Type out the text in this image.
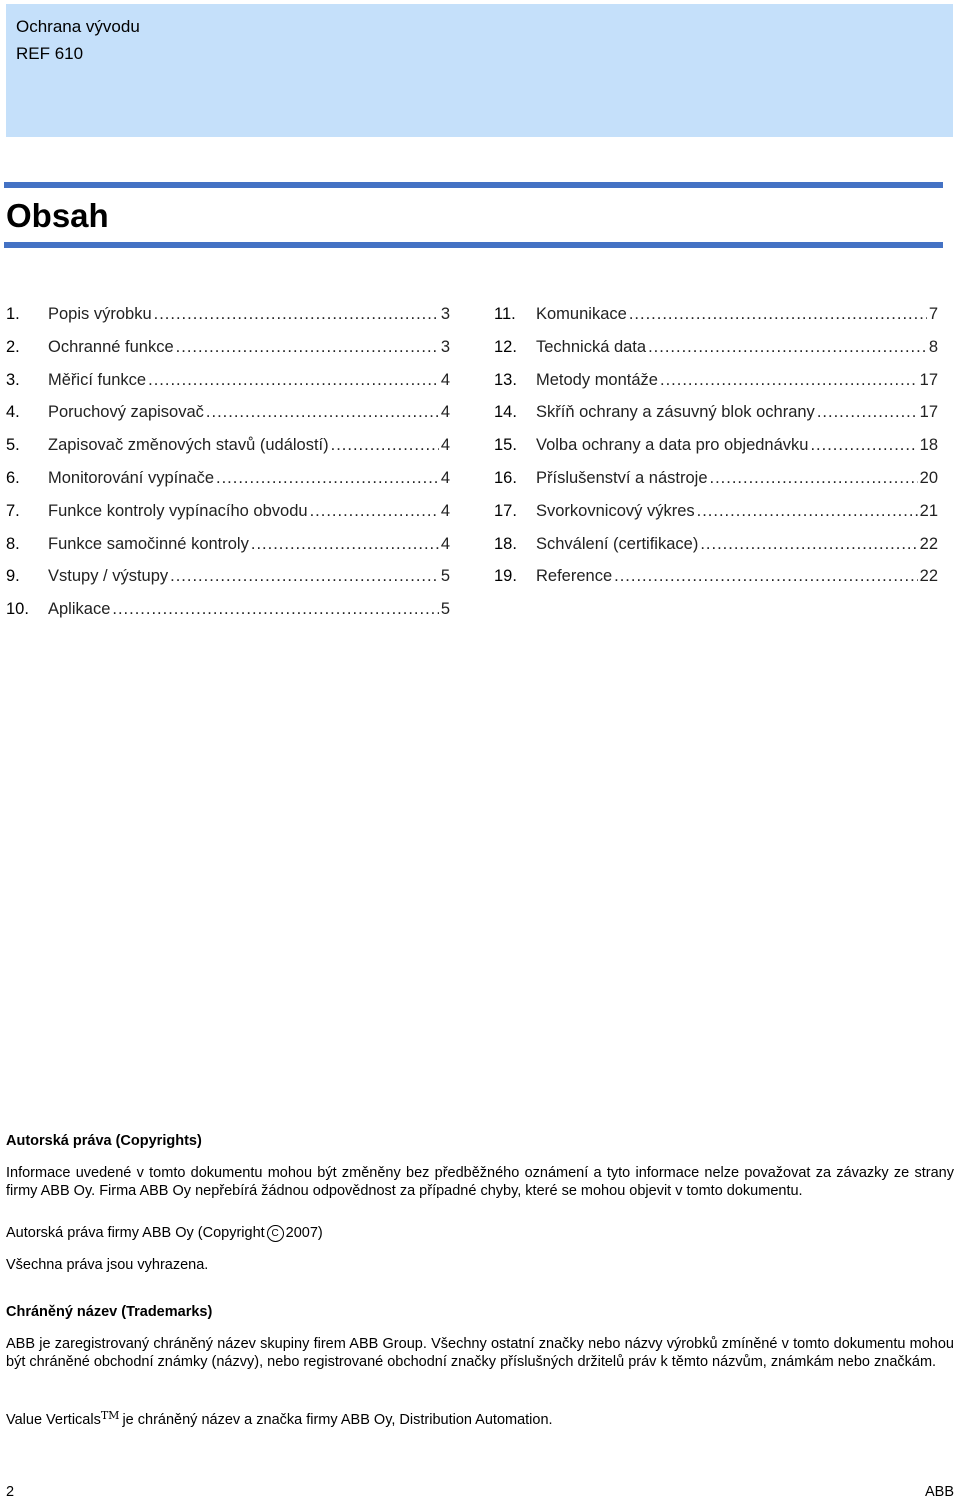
Ochrana vývodu
REF 610
Obsah
1. Popis výrobku .....	3
2. Ochranné funkce .....	3
3. Měřicí funkce .....	4
4. Poruchový zapisovač .....	4
5. Zapisovač změnových stavů (událostí) .....	4
6. Monitorování vypínače .....	4
7. Funkce kontroly vypínacího obvodu .....	4
8. Funkce samočinné kontroly .....	4
9. Vstupy / výstupy .....	5
10. Aplikace .....	5
11. Komunikace .....	7
12. Technická data .....	8
13. Metody montáže .....	17
14. Skříň ochrany a zásuvný blok ochrany .....	17
15. Volba ochrany a data pro objednávku .....	18
16. Příslušenství a nástroje .....	20
17. Svorkovnicový výkres .....	21
18. Schválení (certifikace) .....	22
19. Reference .....	22
Autorská práva (Copyrights)

Informace uvedené v tomto dokumentu mohou být změněny bez předběžného oznámení a tyto informace nelze považovat za závazky ze strany firmy ABB Oy. Firma ABB Oy nepřebírá žádnou odpovědnost za případné chyby, které se mohou objevit v tomto dokumentu.

Autorská práva firmy ABB Oy (Copyright C 2007)

Všechna práva jsou vyhrazena.

Chráněný název (Trademarks)

ABB je zaregistrovaný chráněný název skupiny firem ABB Group. Všechny ostatní značky nebo názvy výrobků zmíněné v tomto dokumentu mohou být chráněné obchodní známky (názvy), nebo registrované obchodní značky příslušných držitelů práv k těmto názvům, známkám nebo značkám.

Value Verticals™ je chráněný název a značka firmy ABB Oy, Distribution Automation.

2	ABB
